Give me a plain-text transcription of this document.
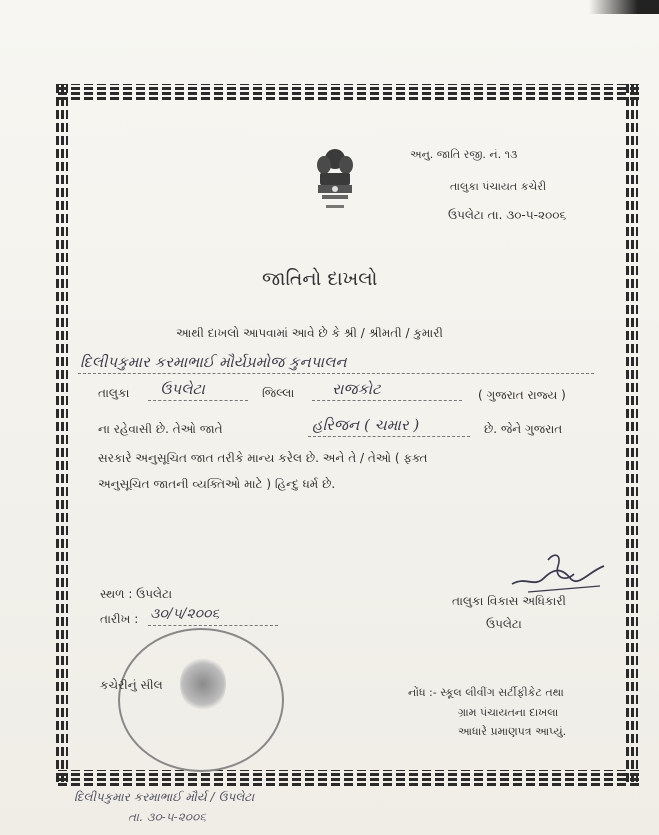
અનુ. જાતિ રજી. નં. ૧૩
તાલુકા પંચાયત કચેરી
ઉપલેટા તા. ૩૦-૫-૨૦૦૬
જાતિનો દાખલો
આથી દાખલો આપવામાં આવે છે કે શ્રી / શ્રીમતી / કુમારી
દિલીપકુમાર કરમાભાઈ મૌર્યપ્રમોજ કુનપાલન
તાલુકા ઉપલેટા	જિલ્લા	રાજકોટ	( ગુજરાત રાજ્ય )
ના રહેવાસી છે. તેઓ જાતે	હરિજન ( ચમાર )	છે. જેને ગુજરાત
સરકારે અનુસૂચિત જાત તરીકે માન્ય કરેલ છે. અને તે / તેઓ ( ફક્ત
અનુસૂચિત જાતની વ્યક્તિઓ માટે ) હિન્દુ ધર્મ છે.
સ્થળ : ઉપલેટા
તારીખ : ૩૦/૫/૨૦૦૬
કચેરીનું સીલ
તાલુકા વિકાસ અધિકારી
ઉપલેટા
નોંધ :- સ્કૂલ લીવીંગ સર્ટીફીકેટ તથા
ગ્રામ પંચાયતના દાખલા
આધારે પ્રમાણપત્ર આપ્યું.
દિલીપકુમાર કરમાભાઈ મૌર્ય / ઉપલેટા
તા. ૩૦-૫-૨૦૦૬
